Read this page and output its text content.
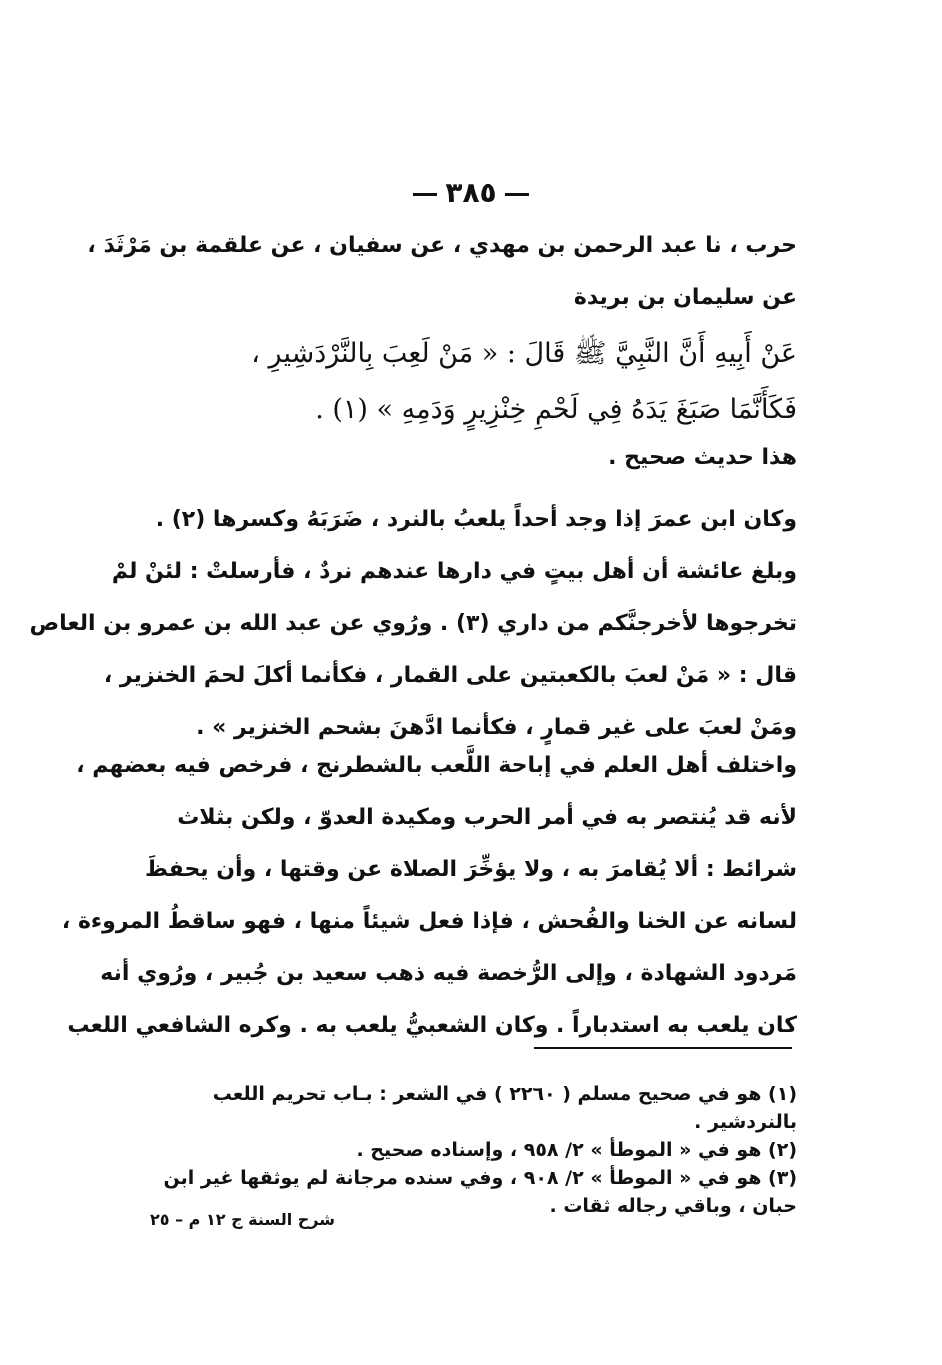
٣٨٥
حرب ، نا عبد الرحمن بن مهدي ، عن سفيان ، عن علقمة بن مَرْثَدَ ،
عن سليمان بن بريدة
عَنْ أَبِيهِ أَنَّ النَّبِيَّ ﷺ قَالَ : « مَنْ لَعِبَ بِالنَّرْدَشِيرِ ،
فَكَأَنَّمَا صَبَغَ يَدَهُ فِي لَحْمِ خِنْزِيرٍ وَدَمِهِ » (١) .
هذا حديث صحيح .
وكان ابن عمرَ إذا وجد أحداً يلعبُ بالنرد ، ضَرَبَهُ وكسرها (٢) .
وبلغ عائشة أن أهل بيتٍ في دارها عندهم نردٌ ، فأرسلتْ : لئنْ لمْ
تخرجوها لأخرجنَّكم من داري (٣) . ورُوي عن عبد الله بن عمرو بن العاص
قال : « مَنْ لعبَ بالكعبتين على القمار ، فكأنما أكلَ لحمَ الخنزير ،
ومَنْ لعبَ على غير قمارٍ ، فكأنما ادَّهنَ بشحم الخنزير » .
واختلف أهل العلم في إباحة اللَّعب بالشطرنج ، فرخص فيه بعضهم ،
لأنه قد يُنتصر به في أمر الحرب ومكيدة العدوّ ، ولكن بثلاث
شرائط : ألا يُقامرَ به ، ولا يؤخِّرَ الصلاة عن وقتها ، وأن يحفظَ
لسانه عن الخنا والفُحش ، فإذا فعل شيئاً منها ، فهو ساقطُ المروءة ،
مَردود الشهادة ، وإلى الرُّخصة فيه ذهب سعيد بن جُبير ، ورُوي أنه
كان يلعب به استدباراً . وكان الشعبيُّ يلعب به . وكره الشافعي اللعب
(١) هو في صحيح مسلم ( ٢٢٦٠ ) في الشعر : بـاب تحريم اللعب بالنردشير .
(٢) هو في « الموطأ » ٢/ ٩٥٨ ، وإسناده صحيح .
(٣) هو في « الموطأ » ٢/ ٩٠٨ ، وفي سنده مرجانة لم يوثقها غير ابن حبان ، وباقي رجاله ثقات .
شرح السنة ج ١٢ م – ٢٥
